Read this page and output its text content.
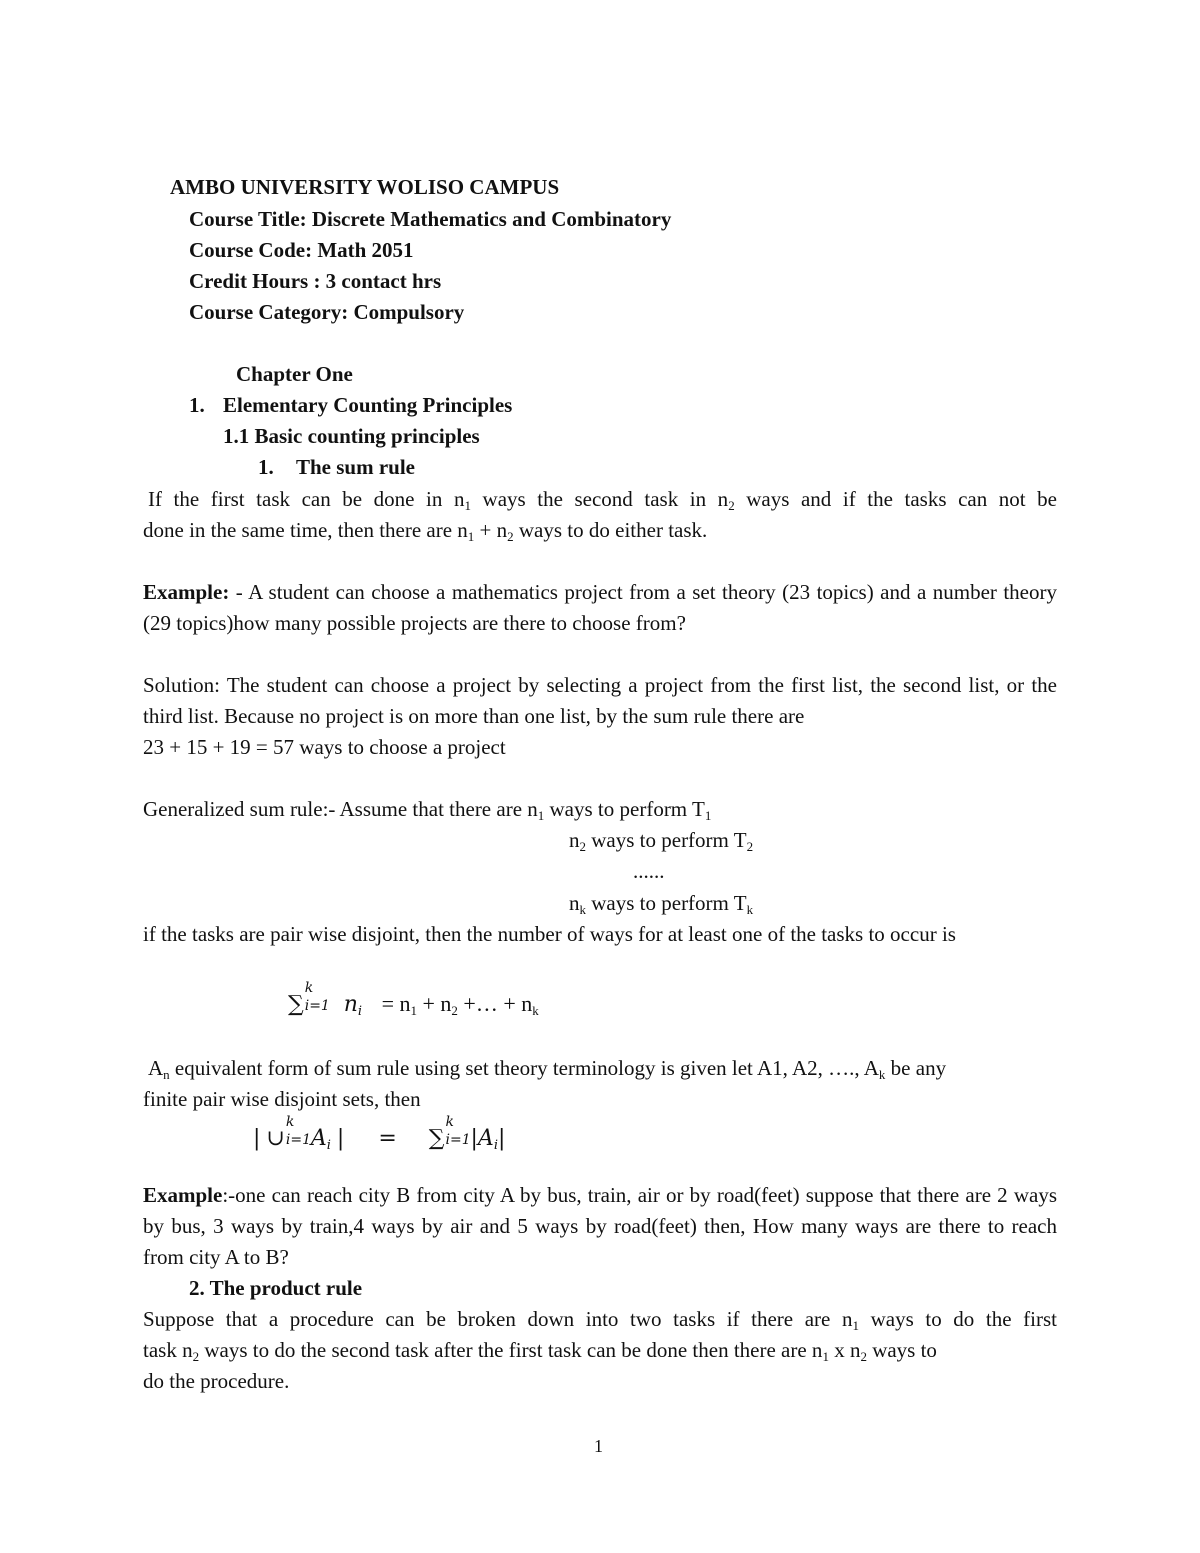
AMBO UNIVERSITY WOLISO CAMPUS
Course Title: Discrete Mathematics and Combinatory
Course Code: Math 2051
Credit Hours : 3 contact hrs
Course Category: Compulsory
Chapter One
1. Elementary Counting Principles
1.1 Basic counting principles
1. The sum rule
If the first task can be done in $n_1$ ways the second task in $n_2$ ways and if the tasks can not be
done in the same time, then there are $n_1 + n_2$ ways to do either task.
Example: - A student can choose a mathematics project from a set theory (23 topics) and a number theory (29 topics)how many possible projects are there to choose from?
Solution: The student can choose a project by selecting a project from the first list, the second list, or the third list. Because no project is on more than one list, by the sum rule there are
23 + 15 + 19 = 57 ways to choose a project
Generalized sum rule:- Assume that there are $n_1$ ways to perform $T_1$
$n_2$ ways to perform $T_2$
......
$n_k$ ways to perform $T_k$
if the tasks are pair wise disjoint, then the number of ways for at least one of the tasks to occur is
∑
k
i=1 $n_i = n_1 + n_2$ +… + $n_k$
$A_n$ equivalent form of sum rule using set theory terminology is given let A1, A2, …., $A_k$ be any
finite pair wise disjoint sets, then
| ∪
k
i=1 $A_i$ | = ∑
k
i=1 $|A_i|$
Example:-one can reach city B from city A by bus, train, air or by road(feet) suppose that there are 2 ways by bus, 3 ways by train,4 ways by air and 5 ways by road(feet) then, How many ways are there to reach from city A to B?
2. The product rule
Suppose that a procedure can be broken down into two tasks if there are $n_1$ ways to do the first
task $n_2$ ways to do the second task after the first task can be done then there are $n_1$ x $n_2$ ways to
do the procedure.
1
